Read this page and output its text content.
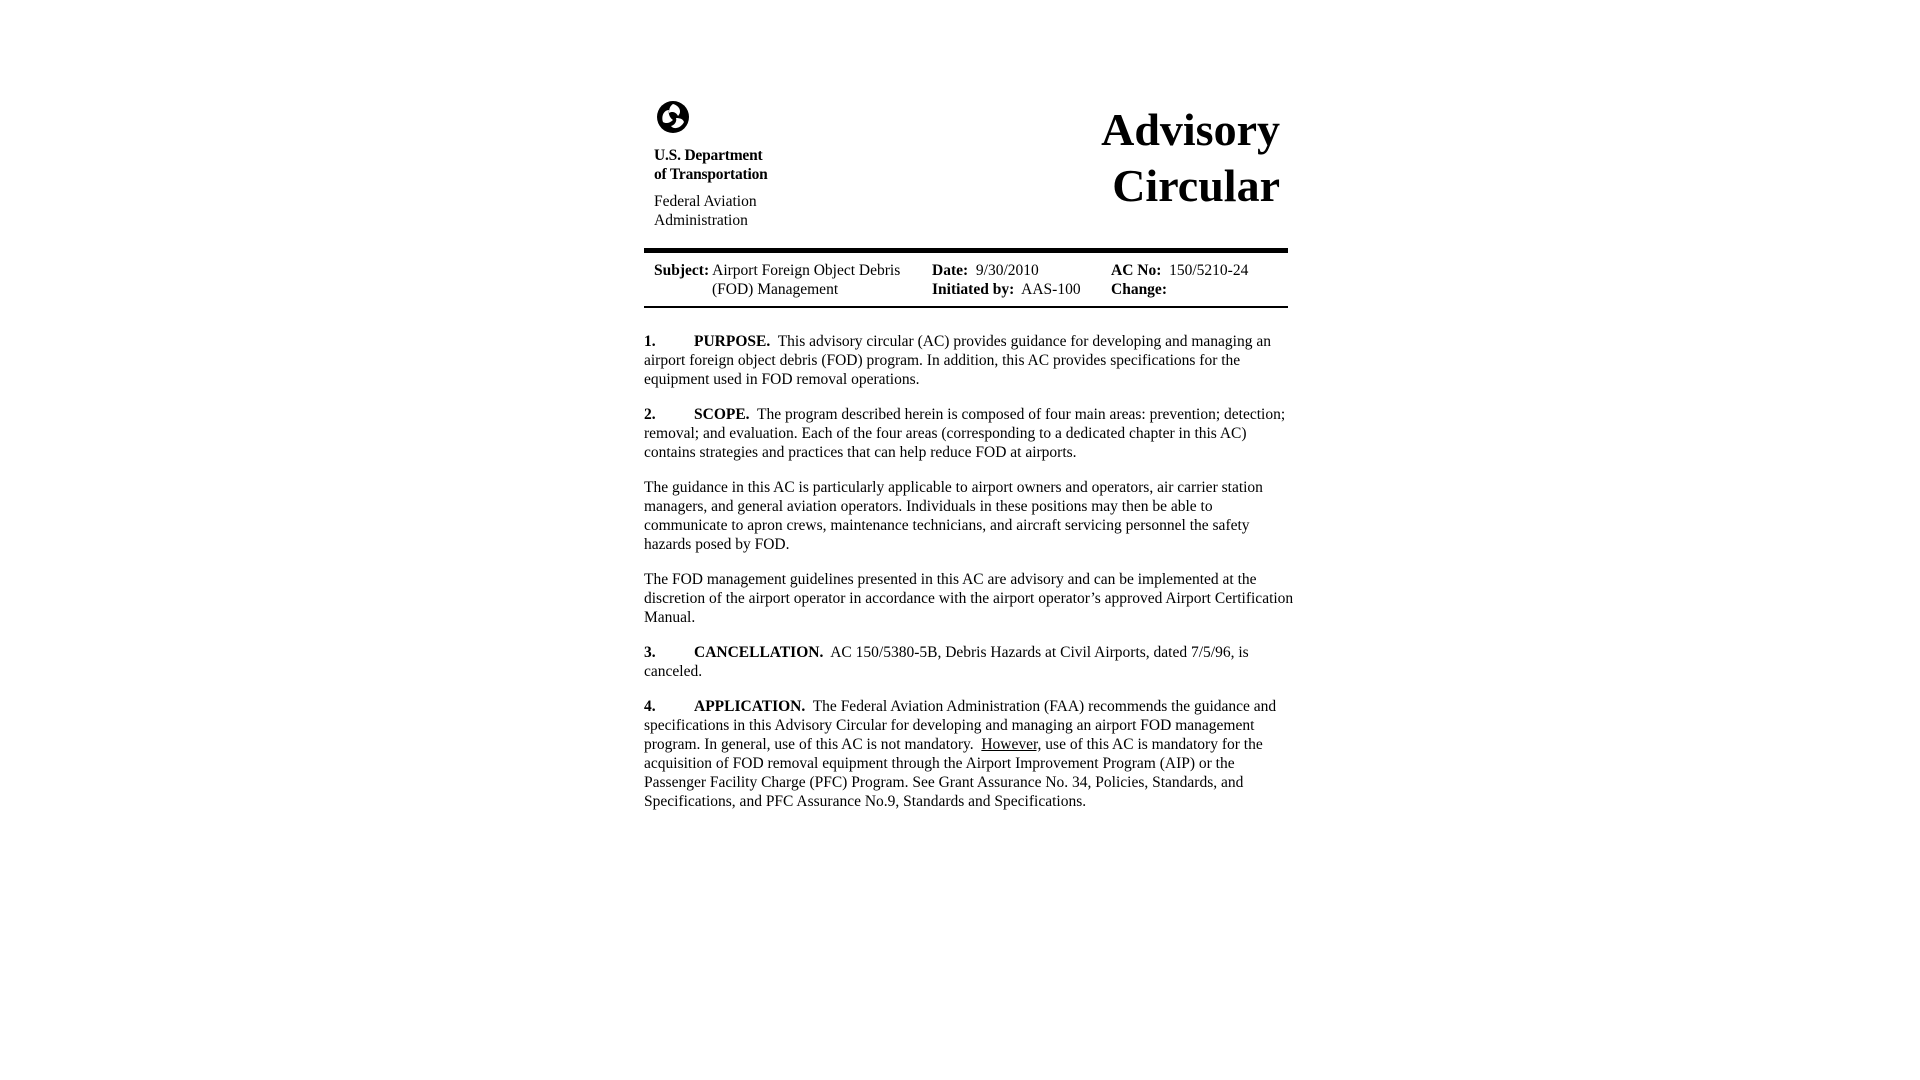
U.S. Department
of Transportation
Federal Aviation
Administration
Advisory
Circular
Subject: Airport Foreign Object Debris
(FOD) Management
Date: 9/30/2010
Initiated by: AAS-100
AC No: 150/5210-24
Change:

1. PURPOSE. This advisory circular (AC) provides guidance for developing and managing an airport foreign object debris (FOD) program. In addition, this AC provides specifications for the equipment used in FOD removal operations.

2. SCOPE. The program described herein is composed of four main areas: prevention; detection; removal; and evaluation. Each of the four areas (corresponding to a dedicated chapter in this AC) contains strategies and practices that can help reduce FOD at airports.

The guidance in this AC is particularly applicable to airport owners and operators, air carrier station managers, and general aviation operators. Individuals in these positions may then be able to communicate to apron crews, maintenance technicians, and aircraft servicing personnel the safety hazards posed by FOD.

The FOD management guidelines presented in this AC are advisory and can be implemented at the discretion of the airport operator in accordance with the airport operator’s approved Airport Certification Manual.

3. CANCELLATION. AC 150/5380-5B, Debris Hazards at Civil Airports, dated 7/5/96, is canceled.

4. APPLICATION. The Federal Aviation Administration (FAA) recommends the guidance and specifications in this Advisory Circular for developing and managing an airport FOD management program. In general, use of this AC is not mandatory. However, use of this AC is mandatory for the acquisition of FOD removal equipment through the Airport Improvement Program (AIP) or the Passenger Facility Charge (PFC) Program. See Grant Assurance No. 34, Policies, Standards, and Specifications, and PFC Assurance No.9, Standards and Specifications.
